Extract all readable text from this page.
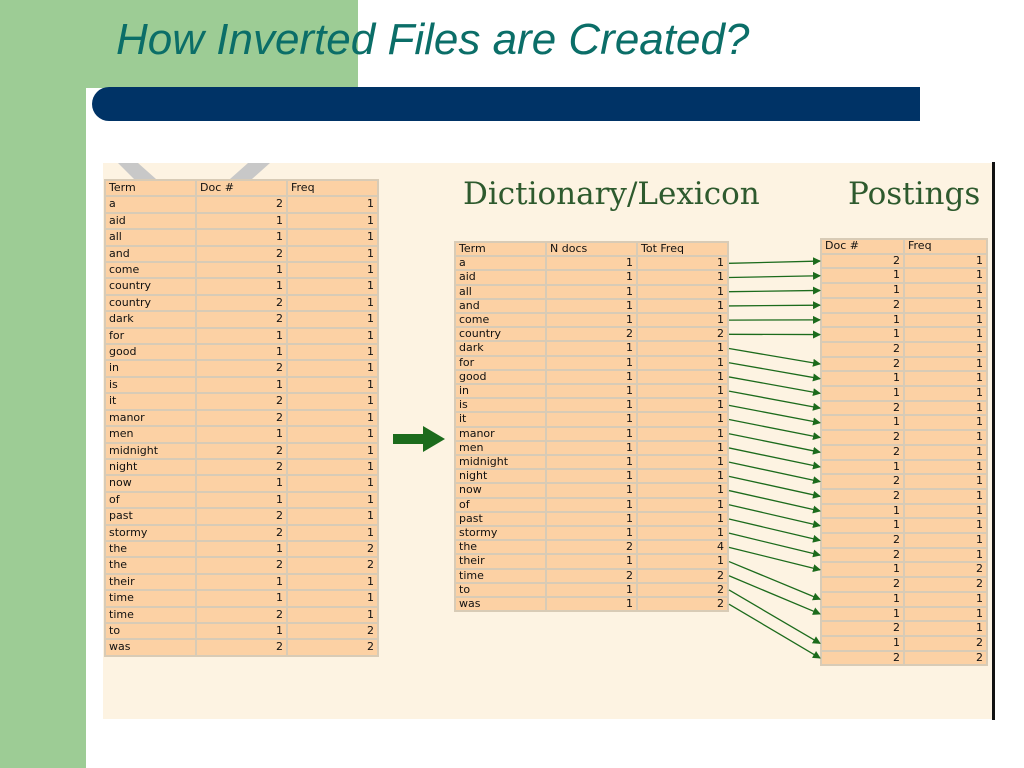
How Inverted Files are Created?
Term	Doc #	Freq
a	2	1
aid	1	1
all	1	1
and	2	1
come	1	1
country	1	1
country	2	1
dark	2	1
for	1	1
good	1	1
in	2	1
is	1	1
it	2	1
manor	2	1
men	1	1
midnight	2	1
night	2	1
now	1	1
of	1	1
past	2	1
stormy	2	1
the	1	2
the	2	2
their	1	1
time	1	1
time	2	1
to	1	2
was	2	2
Dictionary/Lexicon	Postings
Term	N docs	Tot Freq
a	1	1
aid	1	1
all	1	1
and	1	1
come	1	1
country	2	2
dark	1	1
for	1	1
good	1	1
in	1	1
is	1	1
it	1	1
manor	1	1
men	1	1
midnight	1	1
night	1	1
now	1	1
of	1	1
past	1	1
stormy	1	1
the	2	4
their	1	1
time	2	2
to	1	2
was	1	2
Doc #	Freq
2	1
1	1
1	1
2	1
1	1
1	1
2	1
2	1
1	1
1	1
2	1
1	1
2	1
2	1
1	1
2	1
2	1
1	1
1	1
2	1
2	1
1	2
2	2
1	1
1	1
2	1
1	2
2	2
